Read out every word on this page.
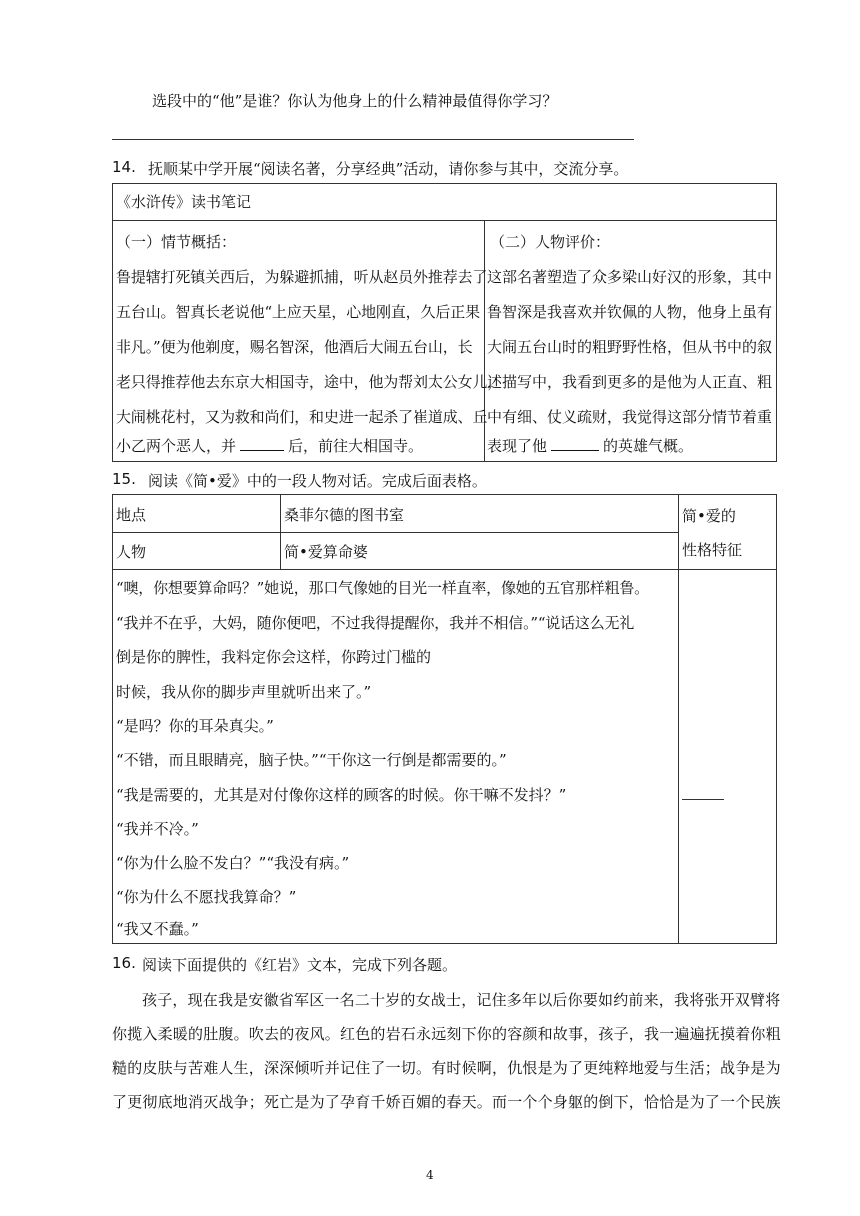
选段中的“他”是谁？你认为他身上的什么精神最值得你学习？
14. 抚顺某中学开展“阅读名著，分享经典”活动，请你参与其中，交流分享。
《水浒传》读书笔记
（一）情节概括：
鲁提辖打死镇关西后，为躲避抓捕，听从赵员外推荐去了
五台山。智真长老说他“上应天星，心地刚直，久后正果
非凡。”便为他剃度，赐名智深，他酒后大闹五台山，长
老只得推荐他去东京大相国寺，途中，他为帮刘太公女儿，
大闹桃花村，又为救和尚们，和史进一起杀了崔道成、丘
小乙两个恶人，并	后，前往大相国寺。
（二）人物评价：
这部名著塑造了众多梁山好汉的形象，其中
鲁智深是我喜欢并钦佩的人物，他身上虽有
大闹五台山时的粗野野性格，但从书中的叙
述描写中，我看到更多的是他为人正直、粗
中有细、仗义疏财，我觉得这部分情节着重
表现了他	的英雄气概。
15. 阅读《简•爱》中的一段人物对话。完成后面表格。
地点	桑菲尔德的图书室
人物	简•爱算命婆
简•爱的
性格特征
“噢，你想要算命吗？”她说，那口气像她的目光一样直率，像她的五官那样粗鲁。
“我并不在乎，大妈，随你便吧，不过我得提醒你，我并不相信。”“说话这么无礼
倒是你的脾性，我料定你会这样，你跨过门槛的
时候，我从你的脚步声里就听出来了。”
“是吗？你的耳朵真尖。”
“不错，而且眼睛亮，脑子快。”“干你这一行倒是都需要的。”
“我是需要的，尤其是对付像你这样的顾客的时候。你干嘛不发抖？”
“我并不冷。”
“你为什么脸不发白？”“我没有病。”
“你为什么不愿找我算命？”
“我又不蠢。”
16. 阅读下面提供的《红岩》文本，完成下列各题。
孩子，现在我是安徽省军区一名二十岁的女战士，记住多年以后你要如约前来，我将张开双臂将
你揽入柔暖的肚腹。吹去的夜风。红色的岩石永远刻下你的容颜和故事，孩子，我一遍遍抚摸着你粗
糙的皮肤与苦难人生，深深倾听并记住了一切。有时候啊，仇恨是为了更纯粹地爱与生活；战争是为
了更彻底地消灭战争；死亡是为了孕育千娇百媚的春天。而一个个身躯的倒下，恰恰是为了一个民族
4
